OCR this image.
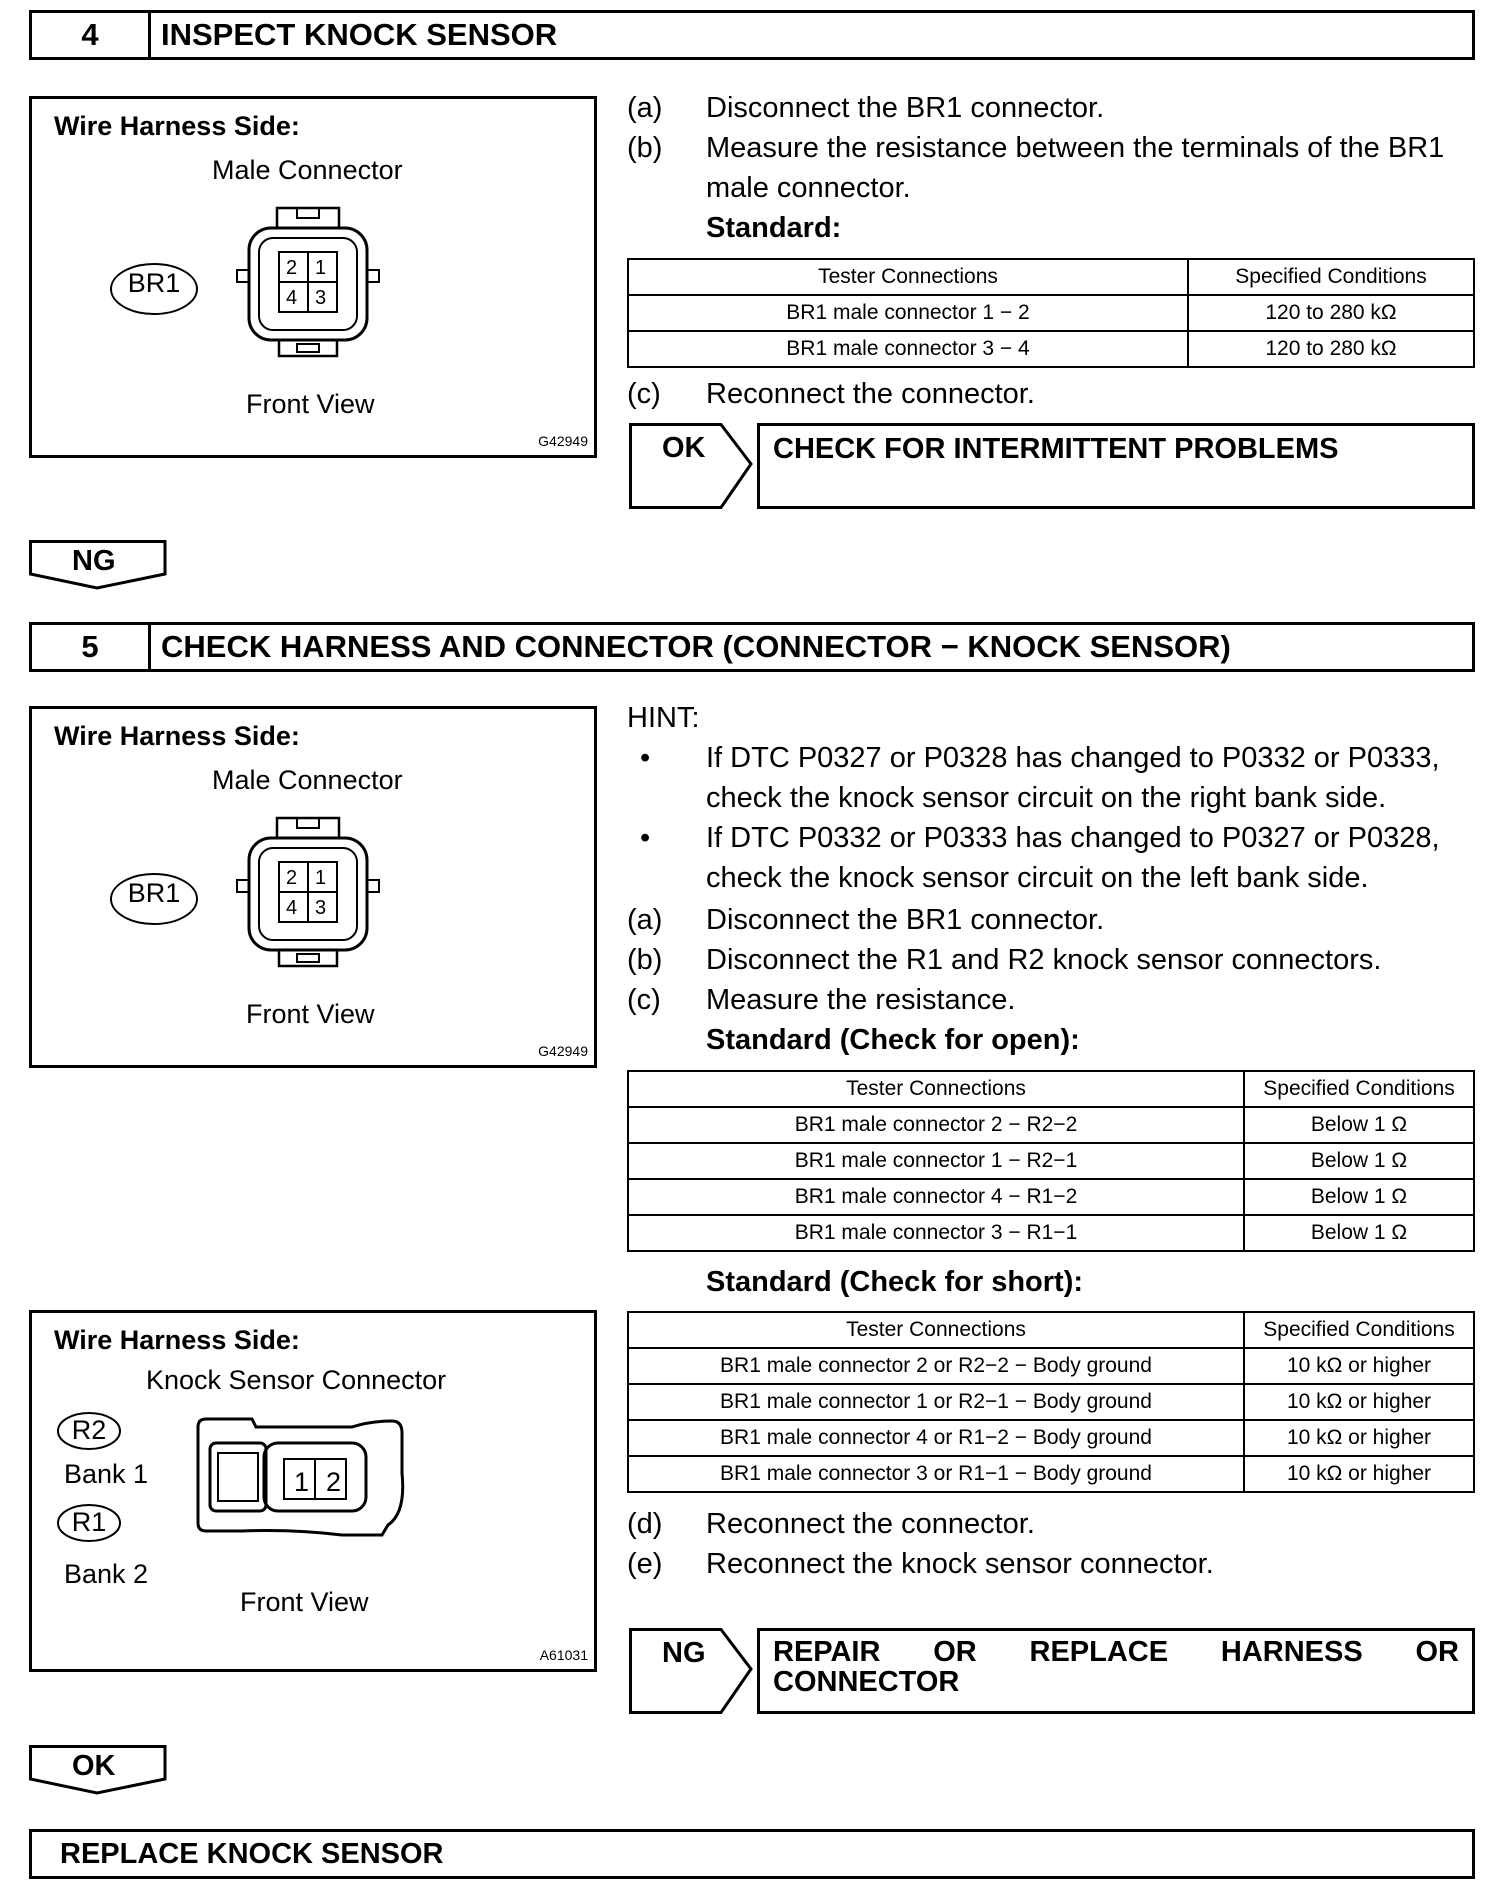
4	INSPECT KNOCK SENSOR
Wire Harness Side:
Male Connector
BR1	2 1
4 3
Front View
G42949
(a)	Disconnect the BR1 connector.
(b)	Measure the resistance between the terminals of the BR1
male connector.
Standard:
Tester Connections	Specified Conditions
BR1 male connector 1 − 2	120 to 280 kΩ
BR1 male connector 3 − 4	120 to 280 kΩ
(c)	Reconnect the connector.
OK	CHECK FOR INTERMITTENT PROBLEMS
NG
5	CHECK HARNESS AND CONNECTOR (CONNECTOR − KNOCK SENSOR)
Wire Harness Side:
Male Connector
BR1	2 1
4 3
Front View
G42949
Wire Harness Side:
Knock Sensor Connector
R2
Bank 1
R1
Bank 2
1 2
Front View
A61031
HINT:
•	If DTC P0327 or P0328 has changed to P0332 or P0333,
check the knock sensor circuit on the right bank side.
•	If DTC P0332 or P0333 has changed to P0327 or P0328,
check the knock sensor circuit on the left bank side.
(a)	Disconnect the BR1 connector.
(b)	Disconnect the R1 and R2 knock sensor connectors.
(c)	Measure the resistance.
Standard (Check for open):
Tester Connections	Specified Conditions
BR1 male connector 2 − R2−2	Below 1 Ω
BR1 male connector 1 − R2−1	Below 1 Ω
BR1 male connector 4 − R1−2	Below 1 Ω
BR1 male connector 3 − R1−1	Below 1 Ω
Standard (Check for short):
Tester Connections	Specified Conditions
BR1 male connector 2 or R2−2 − Body ground	10 kΩ or higher
BR1 male connector 1 or R2−1 − Body ground	10 kΩ or higher
BR1 male connector 4 or R1−2 − Body ground	10 kΩ or higher
BR1 male connector 3 or R1−1 − Body ground	10 kΩ or higher
(d)	Reconnect the connector.
(e)	Reconnect the knock sensor connector.
NG REPAIR OR REPLACE HARNESS OR
CONNECTOR
OK
REPLACE KNOCK SENSOR
